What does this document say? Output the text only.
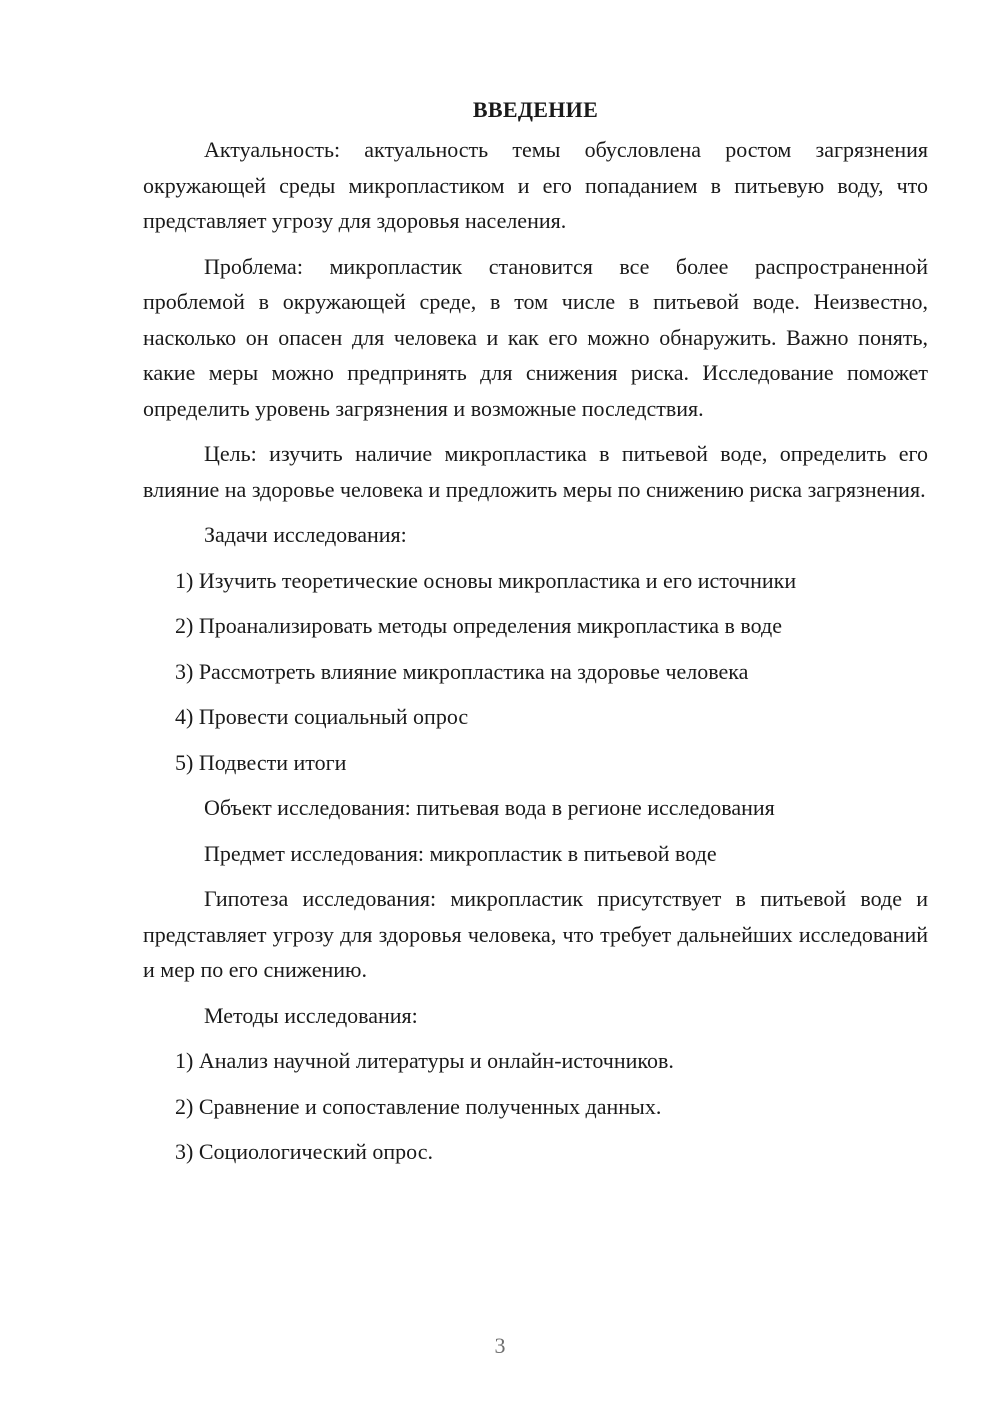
ВВЕДЕНИЕ

Актуальность: актуальность темы обусловлена ростом загрязнения окружающей среды микропластиком и его попаданием в питьевую воду, что представляет угрозу для здоровья населения.

Проблема: микропластик становится все более распространенной проблемой в окружающей среде, в том числе в питьевой воде. Неизвестно, насколько он опасен для человека и как его можно обнаружить. Важно понять, какие меры можно предпринять для снижения риска. Исследование поможет определить уровень загрязнения и возможные последствия.

Цель: изучить наличие микропластика в питьевой воде, определить его влияние на здоровье человека и предложить меры по снижению риска загрязнения.

Задачи исследования:

1) Изучить теоретические основы микропластика и его источники
2) Проанализировать методы определения микропластика в воде
3) Рассмотреть влияние микропластика на здоровье человека
4) Провести социальный опрос
5) Подвести итоги

Объект исследования: питьевая вода в регионе исследования

Предмет исследования: микропластик в питьевой воде

Гипотеза исследования: микропластик присутствует в питьевой воде и представляет угрозу для здоровья человека, что требует дальнейших исследований и мер по его снижению.

Методы исследования:

1) Анализ научной литературы и онлайн-источников.
2) Сравнение и сопоставление полученных данных.
3) Социологический опрос.
3
